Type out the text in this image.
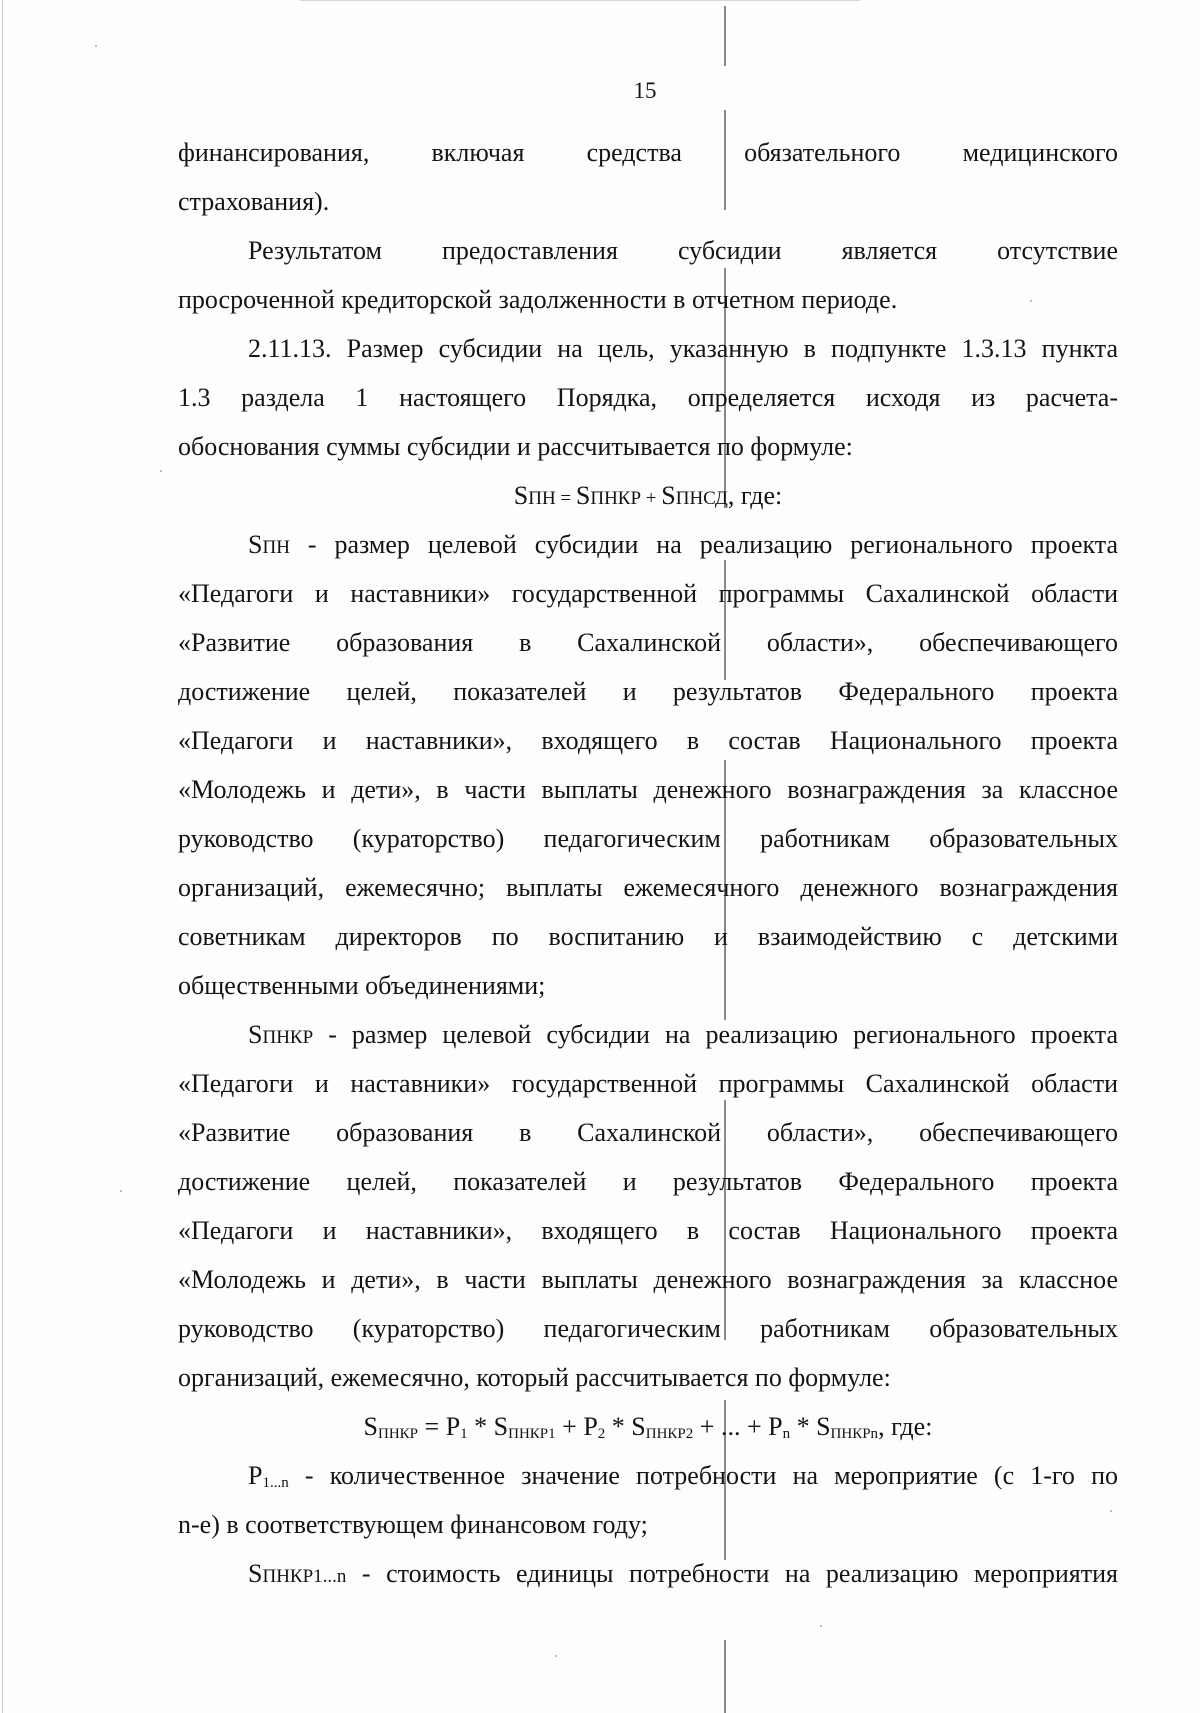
15
финансирования, включая средства обязательного медицинского
страхования).
Результатом предоставления субсидии является отсутствие
просроченной кредиторской задолженности в отчетном периоде.
2.11.13. Размер субсидии на цель, указанную в подпункте 1.3.13 пункта
1.3 раздела 1 настоящего Порядка, определяется исходя из расчета-
обоснования суммы субсидии и рассчитывается по формуле:
SПН = SПНКР + SПНСД, где:
SПН - размер целевой субсидии на реализацию регионального проекта
«Педагоги и наставники» государственной программы Сахалинской области
«Развитие образования в Сахалинской области», обеспечивающего
достижение целей, показателей и результатов Федерального проекта
«Педагоги и наставники», входящего в состав Национального проекта
«Молодежь и дети», в части выплаты денежного вознаграждения за классное
руководство (кураторство) педагогическим работникам образовательных
организаций, ежемесячно; выплаты ежемесячного денежного вознаграждения
советникам директоров по воспитанию и взаимодействию с детскими
общественными объединениями;
SПНКР - размер целевой субсидии на реализацию регионального проекта
«Педагоги и наставники» государственной программы Сахалинской области
«Развитие образования в Сахалинской области», обеспечивающего
достижение целей, показателей и результатов Федерального проекта
«Педагоги и наставники», входящего в состав Национального проекта
«Молодежь и дети», в части выплаты денежного вознаграждения за классное
руководство (кураторство) педагогическим работникам образовательных
организаций, ежемесячно, который рассчитывается по формуле:
$S_{ПНКР} = P_1 * S_{ПНКР1} + P_2 * S_{ПНКР2}$ + ... + $P_n * S_{ПНКРn}$, где:
$P_{1...n}$ - количественное значение потребности на мероприятие (с 1-го по
n-е) в соответствующем финансовом году;
SПНКР1...n - стоимость единицы потребности на реализацию мероприятия
